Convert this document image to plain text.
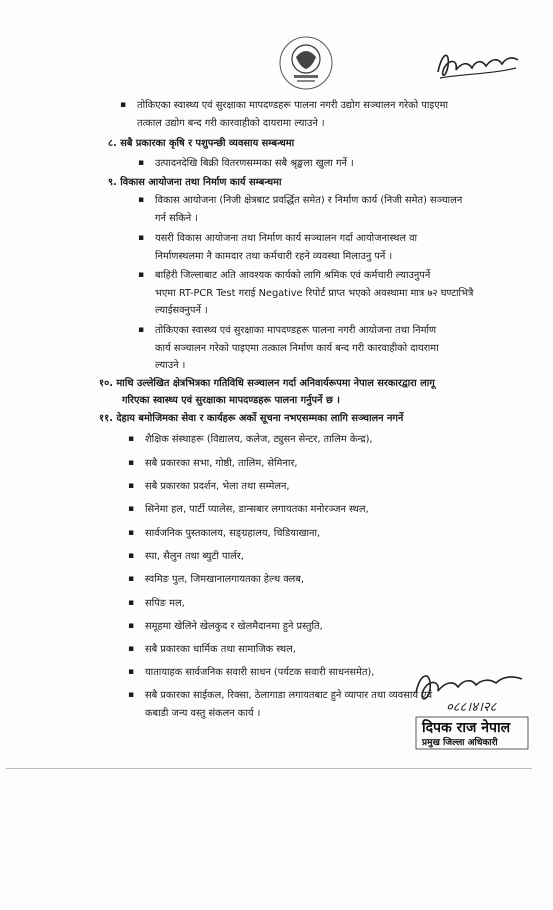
▪ तोकिएका स्वास्थ्य एवं सुरक्षाका मापदण्डहरू पालना नगरी उद्योग सञ्चालन गरेको पाइएमा
तत्काल उद्योग बन्द गरी कारवाहीको दायरामा ल्याउने ।
८. सबै प्रकारका कृषि र पशुपन्छी व्यवसाय सम्बन्धमा
▪ उत्पादनदेखि बिक्री वितरणसम्मका सबै श्रृङ्खला खुला गर्ने ।
९. विकास आयोजना तथा निर्माण कार्य सम्बन्धमा
▪ विकास आयोजना (निजी क्षेत्रबाट प्रवर्द्धित समेत) र निर्माण कार्य (निजी समेत) सञ्चालन
गर्न सकिने ।
▪ यसरी विकास आयोजना तथा निर्माण कार्य सञ्चालन गर्दा आयोजनास्थल वा
निर्माणस्थलमा नै कामदार तथा कर्मचारी रहने व्यवस्था मिलाउनु पर्ने ।
▪ बाहिरी जिल्लाबाट अति आवश्यक कार्यको लागि श्रमिक एवं कर्मचारी ल्याउनुपर्ने
भएमा RT-PCR Test गराई Negative रिपोर्ट प्राप्त भएको अवस्थामा मात्र ७२ घण्टाभित्रै
ल्याईसक्नुपर्ने ।
▪ तोकिएका स्वास्थ्य एवं सुरक्षाका मापदण्डहरू पालना नगरी आयोजना तथा निर्माण
कार्य सञ्चालन गरेको पाइएमा तत्काल निर्माण कार्य बन्द गरी कारवाहीको दायरामा
ल्याउने ।
१०. माथि उल्लेखित क्षेत्रभित्रका गतिविधि सञ्चालन गर्दा अनिवार्यरूपमा नेपाल सरकारद्वारा लागू
गरिएका स्वास्थ्य एवं सुरक्षाका मापदण्डहरू पालना गर्नुपर्ने छ ।
११. देहाय बमोजिमका सेवा र कार्यहरू अर्को सूचना नभएसम्मका लागि सञ्चालन नगर्ने
▪ शैक्षिक संस्थाहरू (विद्यालय, कलेज, ट्युसन सेन्टर, तालिम केन्द्र),
▪ सबै प्रकारका सभा, गोष्ठी, तालिम, सेमिनार,
▪ सबै प्रकारका प्रदर्शन, भेला तथा सम्मेलन,
▪ सिनेमा हल, पार्टी प्यालेस, डान्सबार लगायतका मनोरञ्जन स्थल,
▪ सार्वजनिक पुस्तकालय, सङ्ग्रहालय, चिडियाखाना,
▪ स्पा, सैलुन तथा ब्युटी पार्लर,
▪ स्वमिङ पुल, जिमखानालगायतका हेल्थ क्लब,
▪ सपिङ मल,
▪ समूहमा खेलिने खेलकुद र खेलमैदानमा हुने प्रस्तुति,
▪ सबै प्रकारका धार्मिक तथा सामाजिक स्थल,
▪ यातायाहक सार्वजनिक सवारी साधन (पर्यटक सवारी साधनसमेत),
▪ सबै प्रकारका साईकल, रिक्सा, ठेलागाडा लगायतबाट हुने व्यापार तथा व्यवसाय एवं
कबाडी जन्य वस्तु संकलन कार्य ।	०८८।४।२८
दिपक राज नेपाल
प्रमुख जिल्ला अधिकारी
